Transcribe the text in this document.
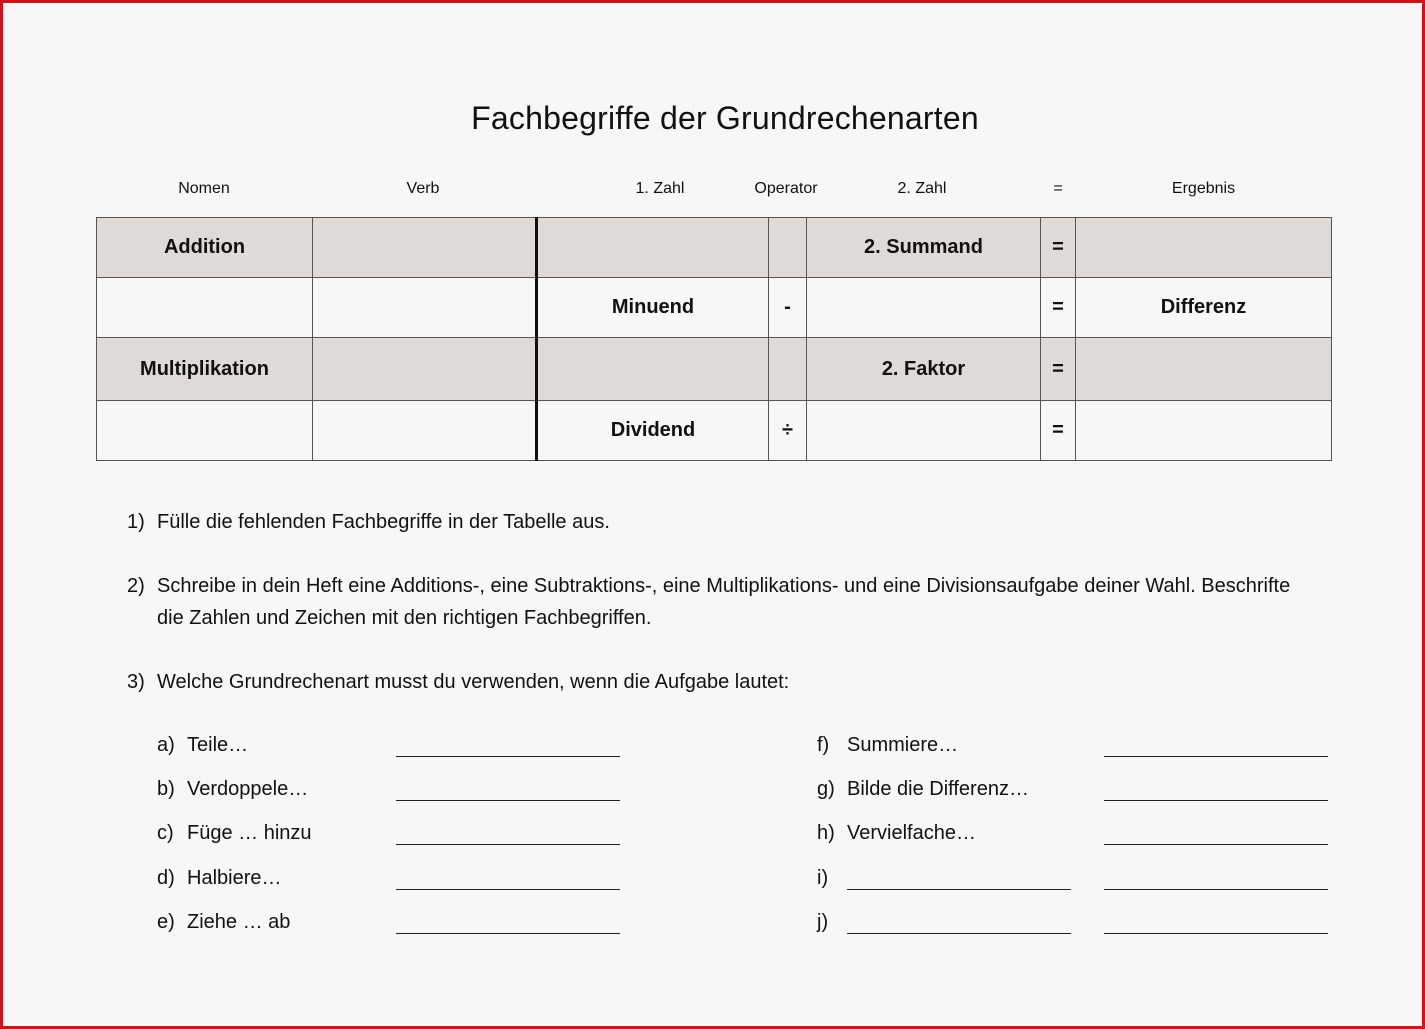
Fachbegriffe der Grundrechenarten
Nomen	Verb	1. Zahl	Operator	2. Zahl	=	Ergebnis
Addition				2. Summand	=	
		Minuend	-		=	Differenz
Multiplikation				2. Faktor	=	
		Dividend	÷		=	
1) Fülle die fehlenden Fachbegriffe in der Tabelle aus.
2) Schreibe in dein Heft eine Additions-, eine Subtraktions-, eine Multiplikations- und eine Divisionsaufgabe deiner Wahl. Beschrifte die Zahlen und Zeichen mit den richtigen Fachbegriffen.
3) Welche Grundrechenart musst du verwenden, wenn die Aufgabe lautet:
a) Teile…
b) Verdoppele…
c) Füge … hinzu
d) Halbiere…
e) Ziehe … ab
f) Summiere…
g) Bilde die Differenz…
h) Vervielfache…
i)
j)
